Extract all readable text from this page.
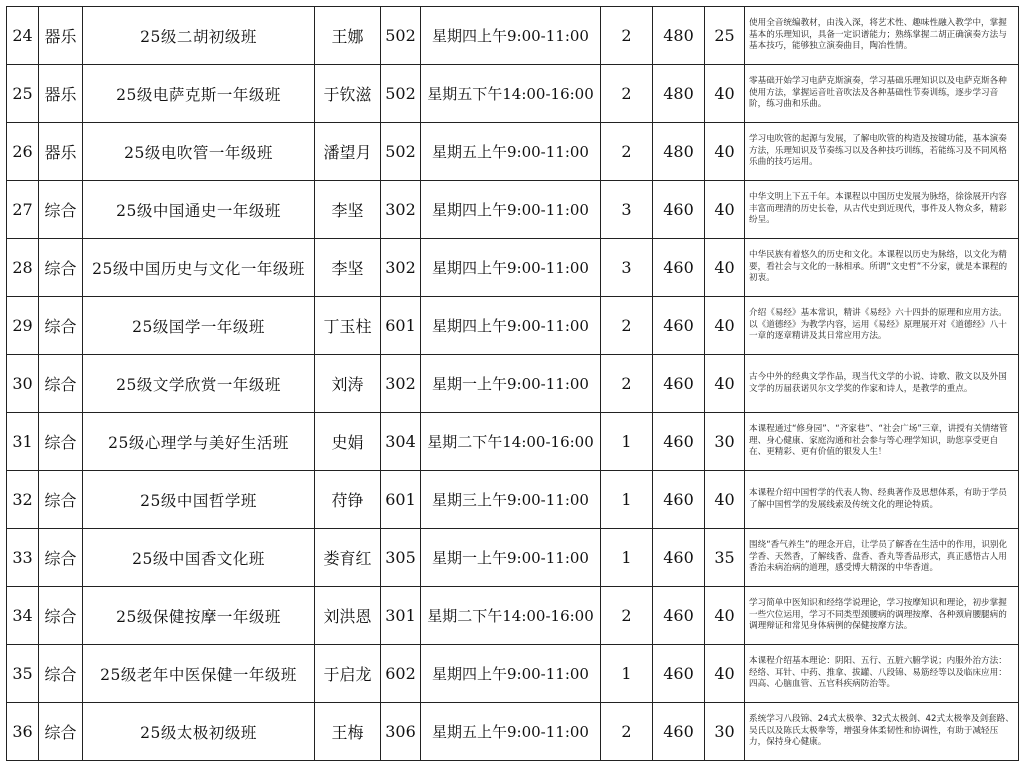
24	器乐	25级二胡初级班	王娜	502	星期四上午9:00-11:00	2	480	25	使用全音统编教材，由浅入深，将艺术性、趣味性融入教学中，掌握基本的乐理知识，具备一定识谱能力；熟练掌握二胡正确演奏方法与基本技巧，能够独立演奏曲目，陶冶性情。
25	器乐	25级电萨克斯一年级班	于钦滋	502	星期五下午14:00-16:00	2	480	40	零基础开始学习电萨克斯演奏，学习基础乐理知识以及电萨克斯各种使用方法，掌握运音吐音吹法及各种基础性节奏训练，逐步学习音阶，练习曲和乐曲。
26	器乐	25级电吹管一年级班	潘望月	502	星期五上午9:00-11:00	2	480	40	学习电吹管的起源与发展，了解电吹管的构造及按键功能，基本演奏方法，乐理知识及节奏练习以及各种技巧训练，若能练习及不同风格乐曲的技巧运用。
27	综合	25级中国通史一年级班	李坚	302	星期四上午9:00-11:00	3	460	40	中华文明上下五千年。本课程以中国历史发展为脉络，徐徐展开内容丰富而理清的历史长卷，从古代史到近现代，事件及人物众多，精彩纷呈。
28	综合	25级中国历史与文化一年级班	李坚	302	星期四上午9:00-11:00	3	460	40	中华民族有着悠久的历史和文化。本课程以历史为脉络，以文化为精要，看社会与文化的一脉相承。所谓“文史哲”不分家，就是本课程的初衷。
29	综合	25级国学一年级班	丁玉柱	601	星期四上午9:00-11:00	2	460	40	介绍《易经》基本常识，精讲《易经》六十四卦的原理和应用方法。以《道德经》为教学内容，运用《易经》原理展开对《道德经》八十一章的逐章精讲及其日常应用方法。
30	综合	25级文学欣赏一年级班	刘涛	302	星期一上午9:00-11:00	2	460	40	古今中外的经典文学作品，现当代文学的小说、诗歌、散文以及外国文学的历届获诺贝尔文学奖的作家和诗人，是教学的重点。
31	综合	25级心理学与美好生活班	史娟	304	星期二下午14:00-16:00	1	460	30	本课程通过“修身园”、“齐家巷”、“社会广场”三章，讲授有关情绪管理、身心健康、家庭沟通和社会参与等心理学知识，助您享受更自在、更精彩、更有价值的银发人生！
32	综合	25级中国哲学班	苻铮	601	星期三上午9:00-11:00	1	460	40	本课程介绍中国哲学的代表人物、经典著作及思想体系，有助于学员了解中国哲学的发展线索及传统文化的理论特质。
33	综合	25级中国香文化班	娄育红	305	星期一上午9:00-11:00	1	460	35	围绕“香气养生”的理念开启，让学员了解香在生活中的作用，识别化学香、天然香，了解线香、盘香、香丸等香品形式，真正感悟古人用香治未病治病的道理，感受博大精深的中华香道。
34	综合	25级保健按摩一年级班	刘洪恩	301	星期二下午14:00-16:00	2	460	40	学习简单中医知识和经络学说理论，学习按摩知识和理论，初步掌握一些穴位运用，学习不同类型颈腰病的调理按摩、各种颈肩腰腿病的调理辩证和常见身体病例的保健按摩方法。
35	综合	25级老年中医保健一年级班	于启龙	602	星期四上午9:00-11:00	1	460	40	本课程介绍基本理论：阴阳、五行、五脏六腑学说；内服外治方法：经络、耳针、中药、推拿、拔罐、八段锦、易筋经等以及临床应用：四高、心脑血管、五官科疾病防治等。
36	综合	25级太极初级班	王梅	306	星期五上午9:00-11:00	2	460	30	系统学习八段锦、24式太极拳、32式太极剑、42式太极拳及剑套路、吴氏以及陈氏太极拳等，增强身体柔韧性和协调性，有助于减轻压力，保持身心健康。
